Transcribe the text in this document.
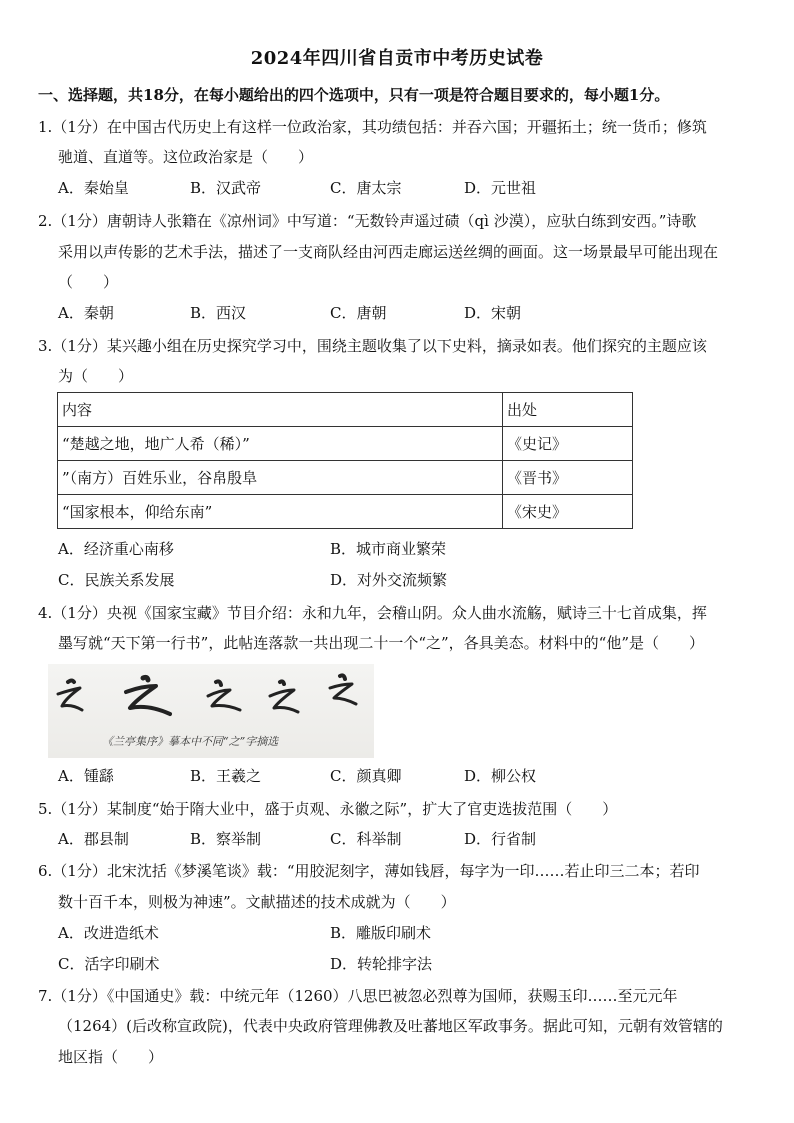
2024年四川省自贡市中考历史试卷
一、选择题，共18分，在每小题给出的四个选项中，只有一项是符合题目要求的，每小题1分。
1.（1分）在中国古代历史上有这样一位政治家，其功绩包括：并吞六国；开疆拓土；统一货币；修筑
驰道、直道等。这位政治家是（　　）
A．秦始皇	B．汉武帝	C．唐太宗	D．元世祖
2.（1分）唐朝诗人张籍在《凉州词》中写道：“无数铃声遥过碛（qì 沙漠），应驮白练到安西。”诗歌
采用以声传影的艺术手法，描述了一支商队经由河西走廊运送丝绸的画面。这一场景最早可能出现在
（　　）
A．秦朝	B．西汉	C．唐朝	D．宋朝
3.（1分）某兴趣小组在历史探究学习中，围绕主题收集了以下史料，摘录如表。他们探究的主题应该
为（　　）
内容	出处
“楚越之地，地广人希（稀）”	《史记》
”（南方）百姓乐业，谷帛殷阜	《晋书》
“国家根本，仰给东南”	《宋史》
A．经济重心南移	B．城市商业繁荣
C．民族关系发展	D．对外交流频繁
4.（1分）央视《国家宝藏》节目介绍：永和九年，会稽山阴。众人曲水流觞，赋诗三十七首成集，挥
墨写就“天下第一行书”，此帖连落款一共出现二十一个“之”，各具美态。材料中的“他”是（　　）
《兰亭集序》摹本中不同“之”字摘选
A．锺繇	B．王羲之	C．颜真卿	D．柳公权
5.（1分）某制度“始于隋大业中，盛于贞观、永徽之际”，扩大了官吏选拔范围（　　）
A．郡县制	B．察举制	C．科举制	D．行省制
6.（1分）北宋沈括《梦溪笔谈》载：“用胶泥刻字，薄如钱唇，每字为一印……若止印三二本；若印
数十百千本，则极为神速”。文献描述的技术成就为（　　）
A．改进造纸术	B．雕版印刷术
C．活字印刷术	D．转轮排字法
7.（1分）《中国通史》载：中统元年（1260）八思巴被忽必烈尊为国师，获赐玉印……至元元年
（1264）(后改称宣政院)，代表中央政府管理佛教及吐蕃地区军政事务。据此可知，元朝有效管辖的
地区指（　　）
